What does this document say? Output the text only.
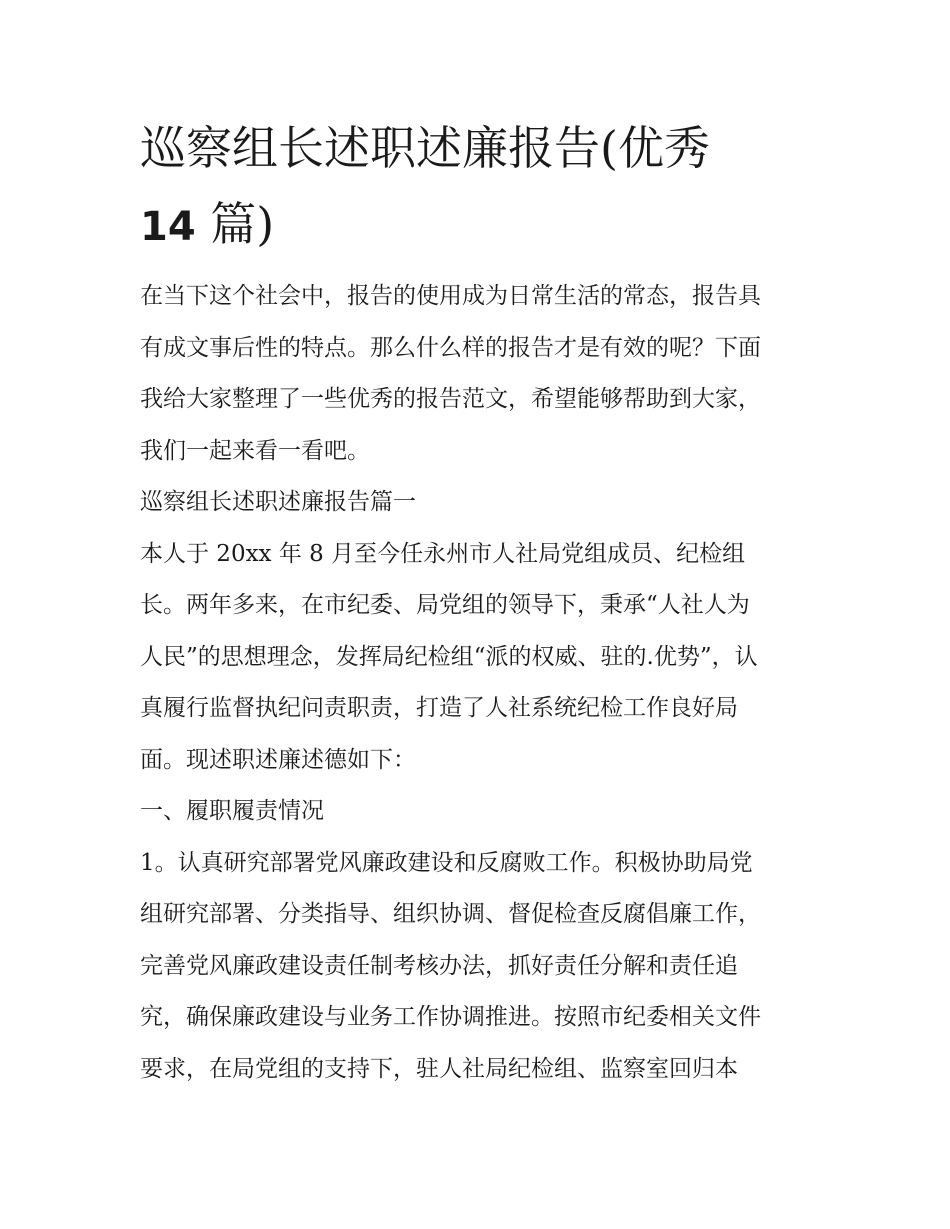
巡察组长述职述廉报告(优秀
14 篇)
在当下这个社会中，报告的使用成为日常生活的常态，报告具
有成文事后性的特点。那么什么样的报告才是有效的呢？下面
我给大家整理了一些优秀的报告范文，希望能够帮助到大家，
我们一起来看一看吧。
巡察组长述职述廉报告篇一
本人于 20xx 年 8 月至今任永州市人社局党组成员、纪检组
长。两年多来，在市纪委、局党组的领导下，秉承“人社人为
人民”的思想理念，发挥局纪检组“派的权威、驻的.优势”，认
真履行监督执纪问责职责，打造了人社系统纪检工作良好局
面。现述职述廉述德如下：
一、履职履责情况
1。认真研究部署党风廉政建设和反腐败工作。积极协助局党
组研究部署、分类指导、组织协调、督促检查反腐倡廉工作，
完善党风廉政建设责任制考核办法，抓好责任分解和责任追
究，确保廉政建设与业务工作协调推进。按照市纪委相关文件
要求，在局党组的支持下，驻人社局纪检组、监察室回归本
